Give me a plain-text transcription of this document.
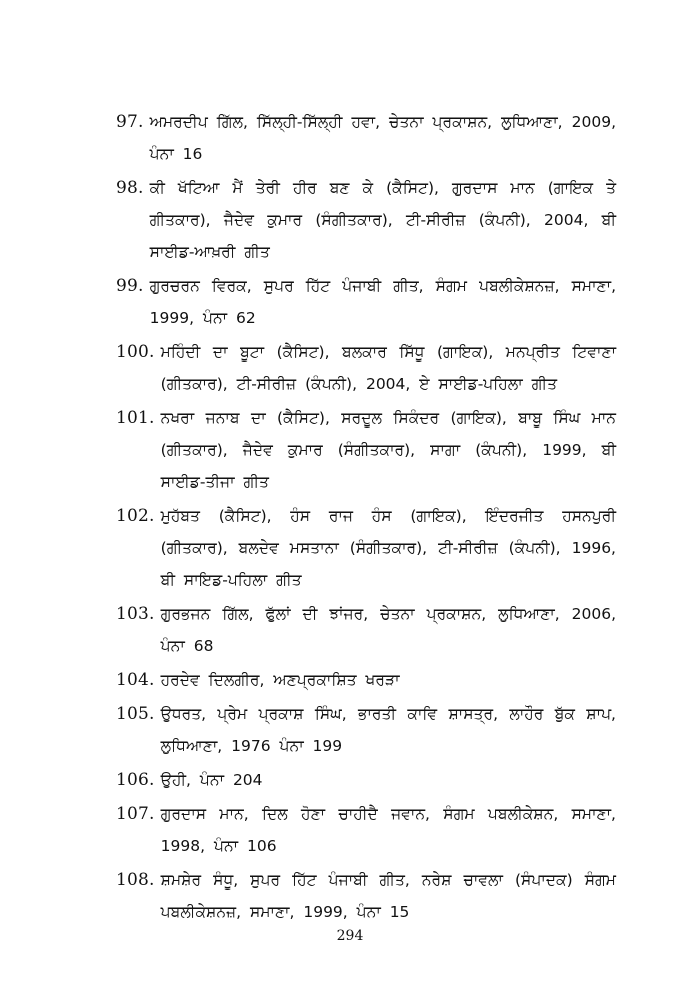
97. ਅਮਰਦੀਪ ਗਿੱਲ, ਸਿੱਲ੍ਹੀ-ਸਿੱਲ੍ਹੀ ਹਵਾ, ਚੇਤਨਾ ਪ੍ਰਕਾਸ਼ਨ, ਲੁਧਿਆਣਾ, 2009, ਪੰਨਾ 16
98. ਕੀ ਖੱਟਿਆ ਮੈਂ ਤੇਰੀ ਹੀਰ ਬਣ ਕੇ (ਕੈਸਿਟ), ਗੁਰਦਾਸ ਮਾਨ (ਗਾਇਕ ਤੇ ਗੀਤਕਾਰ), ਜੈਦੇਵ ਕੁਮਾਰ (ਸੰਗੀਤਕਾਰ), ਟੀ-ਸੀਰੀਜ਼ (ਕੰਪਨੀ), 2004, ਬੀ ਸਾਈਡ-ਆਖ਼ਰੀ ਗੀਤ
99. ਗੁਰਚਰਨ ਵਿਰਕ, ਸੁਪਰ ਹਿੱਟ ਪੰਜਾਬੀ ਗੀਤ, ਸੰਗਮ ਪਬਲੀਕੇਸ਼ਨਜ਼, ਸਮਾਣਾ, 1999, ਪੰਨਾ 62
100. ਮਹਿੰਦੀ ਦਾ ਬੂਟਾ (ਕੈਸਿਟ), ਬਲਕਾਰ ਸਿੱਧੂ (ਗਾਇਕ), ਮਨਪ੍ਰੀਤ ਟਿਵਾਣਾ (ਗੀਤਕਾਰ), ਟੀ-ਸੀਰੀਜ਼ (ਕੰਪਨੀ), 2004, ਏ ਸਾਈਡ-ਪਹਿਲਾ ਗੀਤ
101. ਨਖਰਾ ਜਨਾਬ ਦਾ (ਕੈਸਿਟ), ਸਰਦੂਲ ਸਿਕੰਦਰ (ਗਾਇਕ), ਬਾਬੂ ਸਿੰਘ ਮਾਨ (ਗੀਤਕਾਰ), ਜੈਦੇਵ ਕੁਮਾਰ (ਸੰਗੀਤਕਾਰ), ਸਾਗਾ (ਕੰਪਨੀ), 1999, ਬੀ ਸਾਈਡ-ਤੀਜਾ ਗੀਤ
102. ਮੁਹੱਬਤ (ਕੈਸਿਟ), ਹੰਸ ਰਾਜ ਹੰਸ (ਗਾਇਕ), ਇੰਦਰਜੀਤ ਹਸਨਪੁਰੀ (ਗੀਤਕਾਰ), ਬਲਦੇਵ ਮਸਤਾਨਾ (ਸੰਗੀਤਕਾਰ), ਟੀ-ਸੀਰੀਜ਼ (ਕੰਪਨੀ), 1996, ਬੀ ਸਾਇਡ-ਪਹਿਲਾ ਗੀਤ
103. ਗੁਰਭਜਨ ਗਿੱਲ, ਫੁੱਲਾਂ ਦੀ ਝਾਂਜਰ, ਚੇਤਨਾ ਪ੍ਰਕਾਸ਼ਨ, ਲੁਧਿਆਣਾ, 2006, ਪੰਨਾ 68
104. ਹਰਦੇਵ ਦਿਲਗੀਰ, ਅਣਪ੍ਰਕਾਸ਼ਿਤ ਖਰੜਾ
105. ਉਧਰਤ, ਪ੍ਰੇਮ ਪ੍ਰਕਾਸ਼ ਸਿੰਘ, ਭਾਰਤੀ ਕਾਵਿ ਸ਼ਾਸਤ੍ਰ, ਲਾਹੌਰ ਬੁੱਕ ਸ਼ਾਪ, ਲੁਧਿਆਣਾ, 1976 ਪੰਨਾ 199
106. ਉਹੀ, ਪੰਨਾ 204
107. ਗੁਰਦਾਸ ਮਾਨ, ਦਿਲ ਹੋਣਾ ਚਾਹੀਦੈ ਜਵਾਨ, ਸੰਗਮ ਪਬਲੀਕੇਸ਼ਨ, ਸਮਾਣਾ, 1998, ਪੰਨਾ 106
108. ਸ਼ਮਸ਼ੇਰ ਸੰਧੂ, ਸੁਪਰ ਹਿੱਟ ਪੰਜਾਬੀ ਗੀਤ, ਨਰੇਸ਼ ਚਾਵਲਾ (ਸੰਪਾਦਕ) ਸੰਗਮ ਪਬਲੀਕੇਸ਼ਨਜ਼, ਸਮਾਣਾ, 1999, ਪੰਨਾ 15
294
